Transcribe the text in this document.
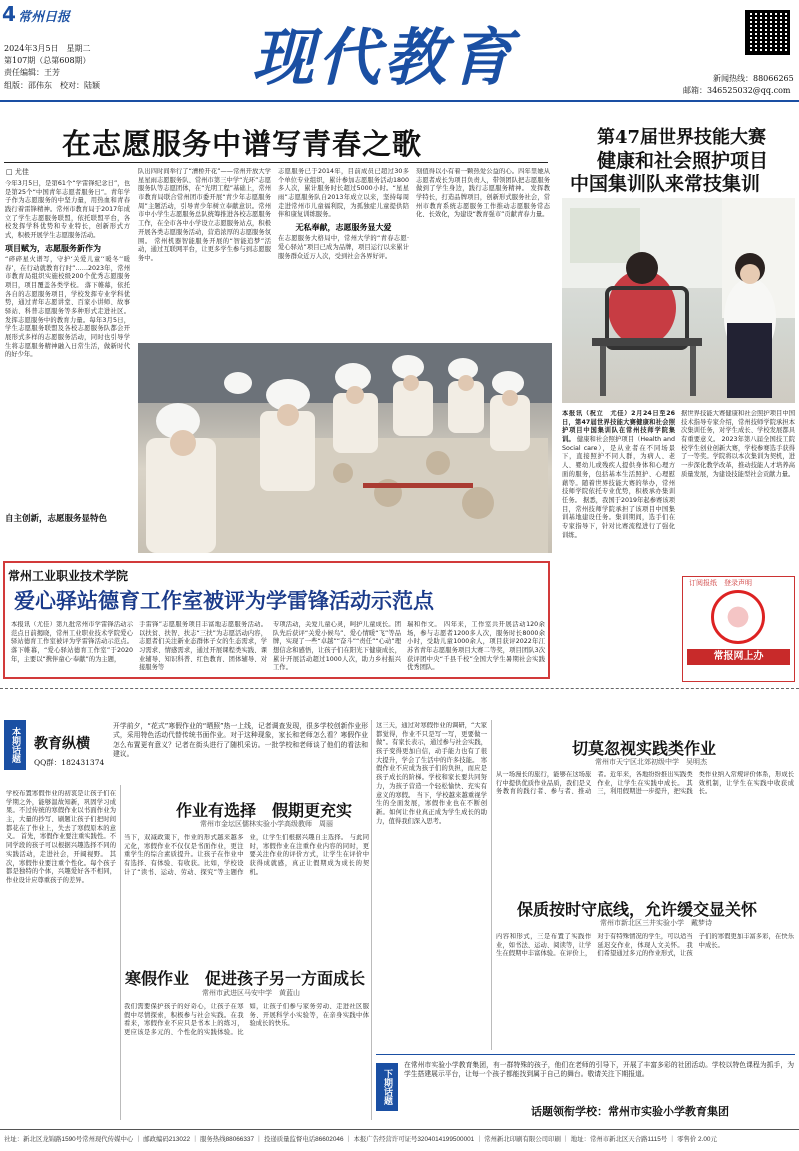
4 常州日报
2024年3月5日　星期二
第107期（总第608期）
责任编辑：王芳
组版：邵伟东　校对：陆颖 现代教育	新闻热线：88066265
邮箱：346525032@qq.com
在志愿服务中谱写青春之歌
□ 尤佳
今年3月5日，是第61个“学雷锋纪念日”，也是第25个“中国青年志愿者服务日”。青年学子作为志愿服务的中坚力量，用热血和青春践行着雷锋精神。常州市教育局于2017年成立了学生志愿服务联盟，依托联盟平台，各校发挥学科优势和专业特长，创新形式方式，积极开展学生志愿服务活动。
项目赋为，志愿服务新作为
“碎碎星火谱写，守护‘关爱儿童’‘暖冬’‘暖春’，在行动就教育行时”……2023年，常州市教育局组织实施校级200个优秀志愿服务项目，项目覆盖各类学校。 落下帷幕，依托各自的志愿服务项目，学校发挥专业学科优势，通过青年志愿讲堂、百家小讲师、故事驿站、科普志愿服务等多种形式走进社区。 发挥志愿服务中的教育力量。每年3月5日，学生志愿服务联盟及各校志愿服务队都会开展形式多样的志愿服务活动，同时也引导学生将志愿服务精神融入日常生活，做新时代的好少年。
自主创新，志愿服务显特色
队出四时间举行了“漕桥开花”——常州开放大学星星雨志愿服务队、常州市第三中学“光环”志愿服务队等志愿团体，在“光明工程”基础上，常州市教育局联合常州团市委开展“青少年志愿服务周”主题活动，引导青少年树立奉献意识。常州市中小学生志愿服务总队统筹推进各校志愿服务工作，在全市各中小学设立志愿服务站点，积极开展各类志愿服务活动，营造浓厚的志愿服务氛围。 常州机器智能服务开展的“智能追梦”活动，通过互联网平台，让更多学生参与到志愿服务中。
志愿服务已于2014年，目前成员已超过30多个单位专业组织，累计参加志愿服务活动1800多人次，累计服务时长超过5000小时。“星星雨”志愿服务队自2013年成立以来，坚持每周走进常州市儿童福利院，为孤独症儿童提供陪伴和康复训练服务。
无私奉献，志愿服务显大爱
在志愿服务大格局中，常州大学的“青春志愿·爱心驿站”项目已成为品牌，项目运行以来累计服务群众近万人次，受到社会各界好评。
刻值得以小有着一颗热爱公益的心。四年里她从志愿者成长为项目负责人，带领团队把志愿服务做到了学生身边，践行志愿服务精神。 发挥教学特长，打造品牌项目，创新形式服务社会，常州市教育系统志愿服务工作推动志愿服务常态化、长效化，为建设“教育强市”贡献青春力量。
第47届世界技能大赛
健康和社会照护项目
中国集训队来常技集训
本报讯（祝立　尤佳）2月24日至26日，第47届世界技能大赛健康和社会照护项目中国集训队在常州技师学院集训。 健康和社会照护项目（Health and Social care），是从业者在不同场景下，直接照护不同人群，为病人、老人、婴幼儿或残疾人提供身体和心理方面的服务，包括基本生活照护、心理慰藉等。随着世界技能大赛的举办，常州技师学院依托专业优势，积极承办集训任务。 据悉，我国于2019年起参赛该项目，常州技师学院承担了该项目中国集训基地建设任务。集训期间，选手们在专家指导下，针对比赛流程进行了强化训练。
据世界技能大赛健康和社会照护项目中国技术指导专家介绍，常州技师学院承担本次集训任务，对学生成长、学校发展都具有重要意义。 2023年第八届全国技工院校学生创业创新大赛，学校参赛选手获得了一等奖。学院将以本次集训为契机，进一步深化教学改革，推动技能人才培养高质量发展，为建设技能型社会贡献力量。
订阅报纸　登录声明
常报网上办
常州工业职业技术学院
爱心驿站德育工作室被评为学雷锋活动示范点
本报讯（尤佳）第九批常州市学雷锋活动示范点日前揭晓，常州工业职业技术学院爱心驿站德育工作室被评为学雷锋活动示范点。落下帷幕，“爱心驿站德育工作室”于2020年，主要以“携伴童心·奉献”的为主题，
手雷锋”志愿服务项目丰富地志愿服务活动。以扶贫、扶智、扶志“三扶”为志愿活动内容，志愿者们关注新业态群体子女的生态需求，学习需求、情感需求，通过开展课程类实践、课业辅导、知识科普、红色教育、团体辅导、对接服务等
专项活动，关爱儿童心灵，呵护儿童成长。团队先后获评“关爱小候鸟”、爱心情暖“飞”等品牌，实现了一些“卓越”“奋斗”“责任”“心动”理想信念和感悟，让孩子们在阳光下健康成长，累计开展活动超过1000人次，助力乡村振兴工作。
瑞和作文。 四年来，工作室共开展活动120余场，参与志愿者1200多人次，服务时长8000余小时，受助儿童1000余人，项目获评2022年江苏省青年志愿服务项目大赛二等奖，项目团队3次获评团中央“千县千校”全国大学生暑期社会实践优秀团队。
本期话题	教育纵横
QQ群：182431374
开学前夕，“花式”寒假作业的“晒照”热一上线，记者调查发现，很多学校创新作业形式，采用特色活动代替传统书面作业。对于这种现象，家长和老师怎么看？寒假作业怎么布置更有意义？记者在街头进行了随机采访。一批学校和老师谈了他们的看法和建议。
学校布置寒假作业的初衷是让孩子们在学期之外，能够温故知新，巩固学习成果。不过传统的寒假作业以书面作业为主，大量的抄写、刷题让孩子们把时间都花在了作业上，失去了寒假原本的意义。 首先，寒假作业要注重实践性。不同学段的孩子可以根据兴趣选择不同的实践活动，走进社会，开阔视野。 其次，寒假作业要注重个性化。每个孩子都是独特的个体，兴趣爱好各不相同，作业设计应尊重孩子的差异。
作业有选择　假期更充实
常州市金坛区儒林实验小学高级教师　周丽
当下，双减政策下，作业的形式越来越多元化，寒假作业不仅仅是书面作业，更注重学生的综合素质提升。让孩子在作业中有选择、有体验、有收获。比如，学校设计了“读书、运动、劳动、探究”等主题作业，让学生们根据兴趣自主选择。 与此同时，寒假作业在注重作业内容的同时，更要关注作业的评价方式，让学生在评价中获得成就感，真正让假期成为成长的契机。
寒假作业　促进孩子另一方面成长
常州市武进区马安中学　黄蓝山
我们需要保护孩子的好奇心，让孩子在寒假中尽情探索，积极参与社会实践。在我看来，寒假作业不应只是书本上的练习，更应该是多元的、个性化的实践体验。比如，让孩子们参与家务劳动、走进社区服务、开展科学小实验等，在亲身实践中体验成长的快乐。
这三天，通过对寒假作业的调研，“大家都觉得，作业不只是写一写，更要做一做”。有家长表示，通过参与社会实践，孩子变得更加自信，动手能力也有了很大提升，学会了生活中的许多技能。 寒假作业不应成为孩子们的负担，而应是孩子成长的阶梯。学校和家长要共同努力，为孩子营造一个轻松愉快、充实有意义的寒假。 当下，学校越来越重视学生的全面发展，寒假作业也在不断创新。如何让作业真正成为学生成长的助力，值得我们深入思考。
切莫忽视实践类作业
常州市天宁区北郊初级中学　吴明杰
从一场漫长的旅行，能够在这场旅行中提供优质作业品质，我们是义务教育的践行者、参与者、推动者。近年来，各地纷纷推出实践类作业，让学生在实践中成长。 其三，利用假期进一步提升，把实践类作业纳入常规评价体系，形成长效机制，让学生在实践中收获成长。
保质按时守底线，允许缓交显关怀
常州市新北区三井实验小学　戴梦诗
内容和形式，三是布置了实践作业，如书法、运动、阅读等，让学生在假期中丰富体验。在评价上，对于有特殊情况的学生，可以适当延迟交作业，体现人文关怀。 我们希望通过多元的作业形式，让孩子们的寒假更加丰富多彩，在快乐中成长。
下期话题
在常州市实验小学教育集团，有一群特殊的孩子，他们在老师的引导下，开展了丰富多彩的社团活动。学校以特色课程为抓手，为学生搭建展示平台，让每一个孩子都能找到属于自己的舞台。敬请关注下期报道。
话题领衔学校：常州市实验小学教育集团
社址：新北区龙锦路1590号常州现代传媒中心 ｜ 邮政编码213022 ｜ 服务热线88066337 ｜ 投递质量监督电话86602046 ｜ 本报广告经营许可证号3204014199500001 ｜ 常州新北印刷有限公司印刷 ｜ 地址：常州市新北区天合路1115号 ｜ 零售价 2.00元
